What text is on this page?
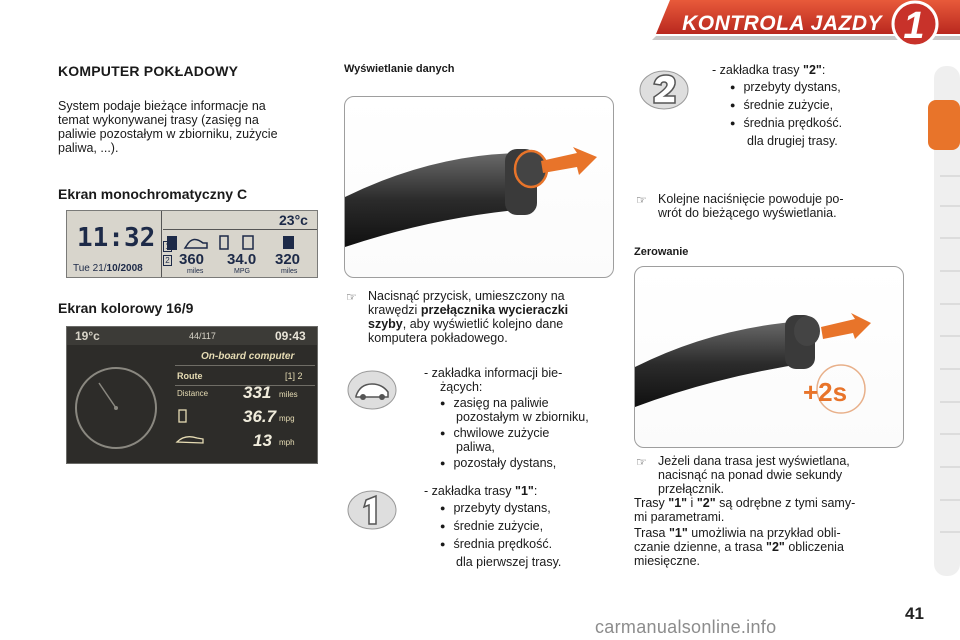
KONTROLA JAZDY 1
KOMPUTER POKŁADOWY
System podaje bieżące informacje na
temat wykonywanej trasy (zasięg na
paliwie pozostałym w zbiorniku, zużycie
paliwa, ...).
Ekran monochromatyczny C
11:32
Tue 21/10/2008
23°c
1
2 360 34.0 320
miles	MPG	miles
Ekran kolorowy 16/9
19°c	44/117	09:43
On-board computer
Route	[1] 2
Distance 331 miles
36.7 mpg
13 mph
Wyświetlanie danych
☞ Nacisnąć przycisk, umieszczony na
krawędzi przełącznika wycieraczki
szyby, aby wyświetlić kolejno dane
komputera pokładowego.
- zakładka informacji bie-
żących:
● zasięg na paliwie
pozostałym w zbiorniku,
● chwilowe zużycie
paliwa,
● pozostały dystans,
- zakładka trasy "1":
● przebyty dystans,
● średnie zużycie,
● średnia prędkość.
dla pierwszej trasy.
- zakładka trasy "2":
● przebyty dystans,
● średnie zużycie,
● średnia prędkość.
dla drugiej trasy.
☞ Kolejne naciśnięcie powoduje po-
wrót do bieżącego wyświetlania.
Zerowanie
+2s
☞ Jeżeli dana trasa jest wyświetlana,
nacisnąć na ponad dwie sekundy
przełącznik.
Trasy "1" i "2" są odrębne z tymi samy-
mi parametrami.
Trasa "1" umożliwia na przykład obli-
czanie dzienne, a trasa "2" obliczenia
miesięczne.
41
carmanualsonline.info
